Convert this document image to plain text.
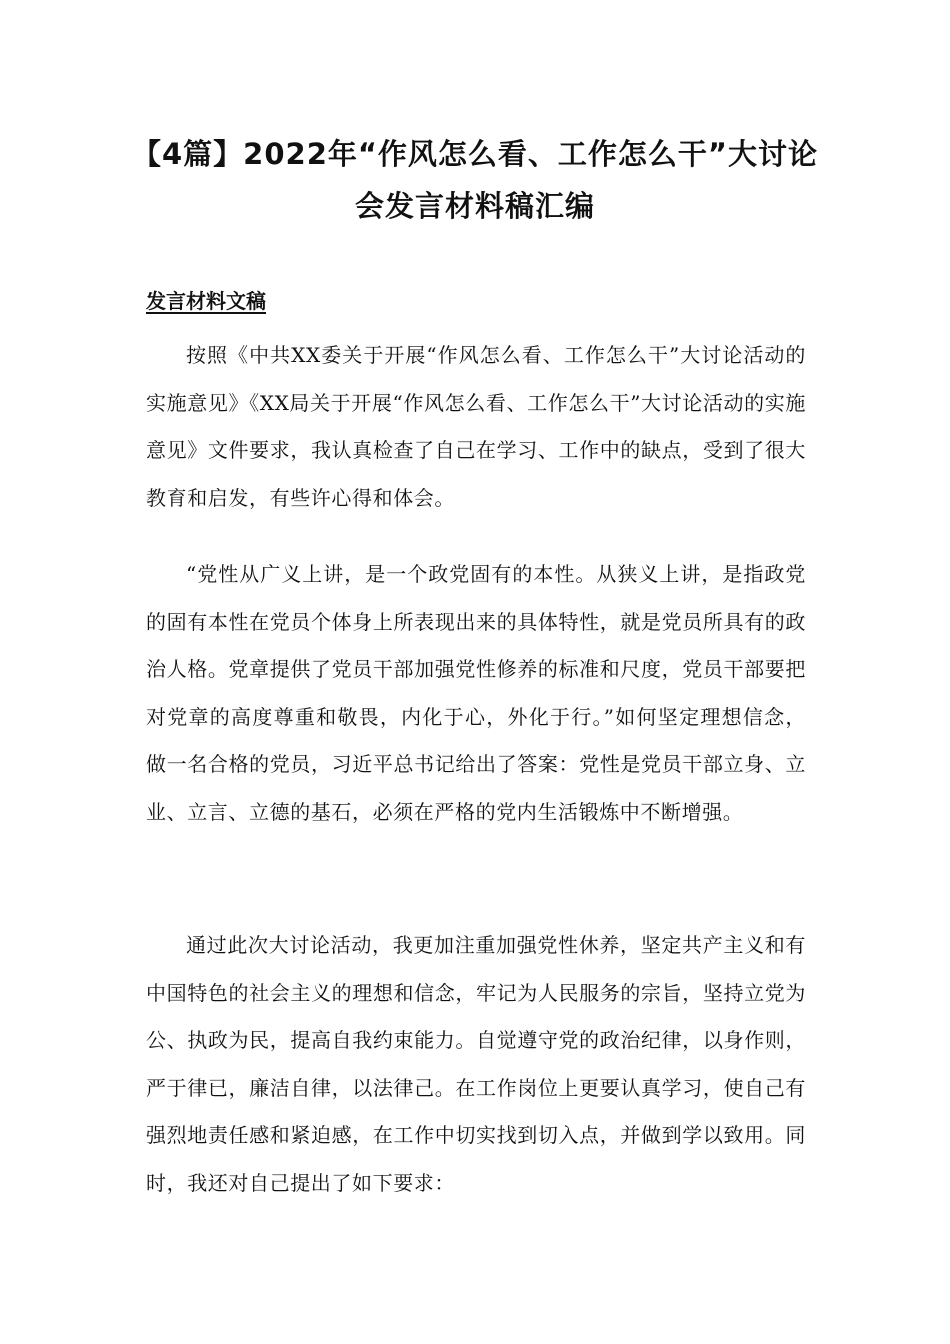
【4篇】2022年“作风怎么看、工作怎么干”大讨论会发言材料稿汇编
发言材料文稿

按照《中共XX委关于开展“作风怎么看、工作怎么干”大讨论活动的实施意见》《XX局关于开展“作风怎么看、工作怎么干”大讨论活动的实施意见》文件要求，我认真检查了自己在学习、工作中的缺点，受到了很大教育和启发，有些许心得和体会。

“党性从广义上讲，是一个政党固有的本性。从狭义上讲，是指政党的固有本性在党员个体身上所表现出来的具体特性，就是党员所具有的政治人格。党章提供了党员干部加强党性修养的标准和尺度，党员干部要把对党章的高度尊重和敬畏，内化于心，外化于行。”如何坚定理想信念，做一名合格的党员，习近平总书记给出了答案：党性是党员干部立身、立业、立言、立德的基石，必须在严格的党内生活锻炼中不断增强。

通过此次大讨论活动，我更加注重加强党性休养，坚定共产主义和有中国特色的社会主义的理想和信念，牢记为人民服务的宗旨，坚持立党为公、执政为民，提高自我约束能力。自觉遵守党的政治纪律，以身作则，严于律已，廉洁自律，以法律己。在工作岗位上更要认真学习，使自己有强烈地责任感和紧迫感，在工作中切实找到切入点，并做到学以致用。同时，我还对自己提出了如下要求：
